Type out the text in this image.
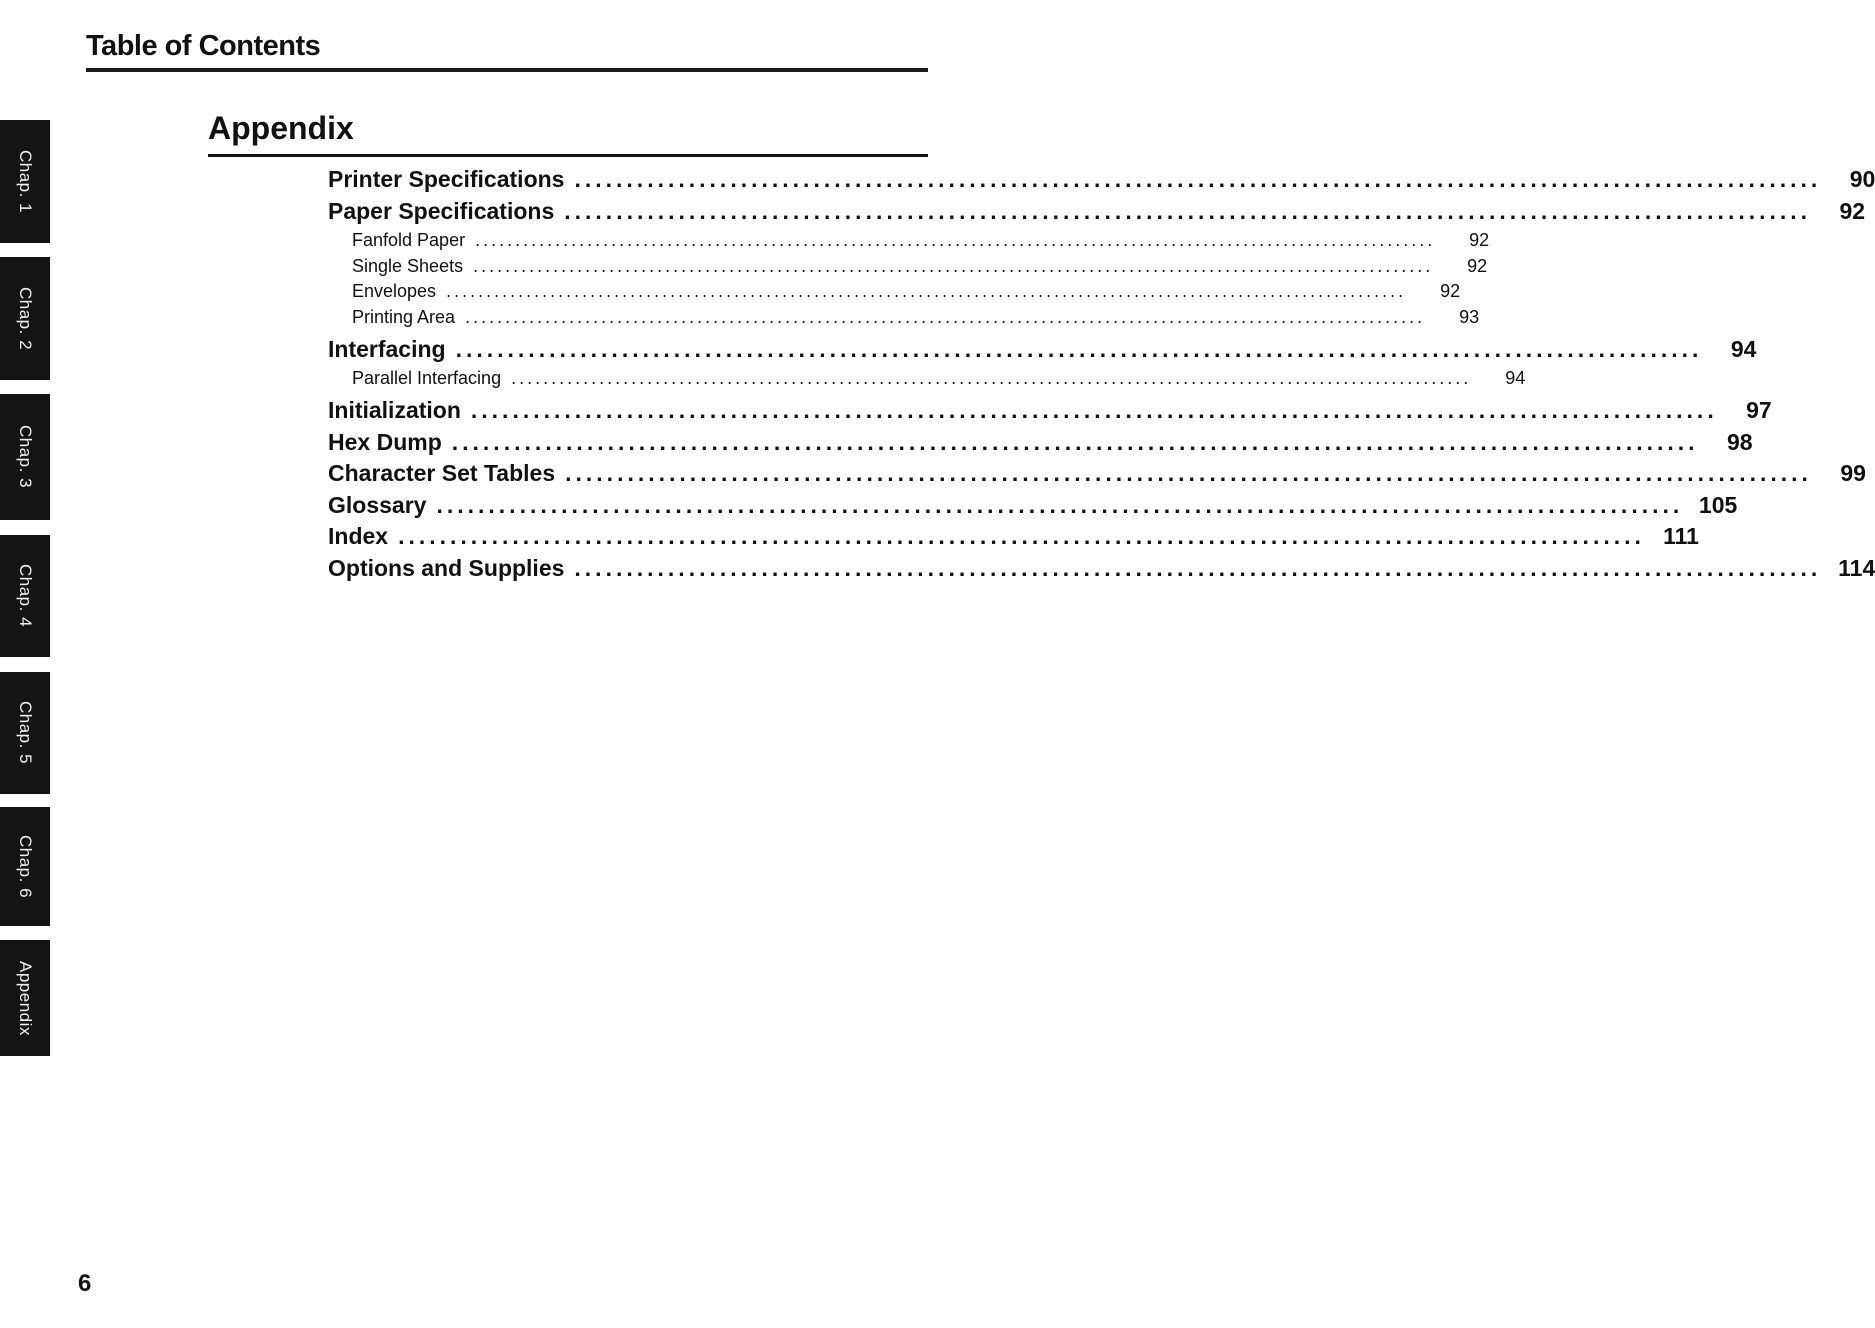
Table of Contents
Appendix
Printer Specifications ........................................................................................................................	90
Paper Specifications ........................................................................................................................	92
Fanfold Paper ........................................................................................................................	92
Single Sheets ........................................................................................................................	92
Envelopes ........................................................................................................................	92
Printing Area ........................................................................................................................	93
Interfacing ........................................................................................................................	94
Parallel Interfacing ........................................................................................................................	94
Initialization ........................................................................................................................	97
Hex Dump ........................................................................................................................	98
Character Set Tables ........................................................................................................................	99
Glossary ........................................................................................................................ 105
Index ........................................................................................................................ 111
Options and Supplies ........................................................................................................................ 114
Chap. 1
Chap. 2
Chap. 3
Chap. 4
Chap. 5
Chap. 6
Appendix
6
